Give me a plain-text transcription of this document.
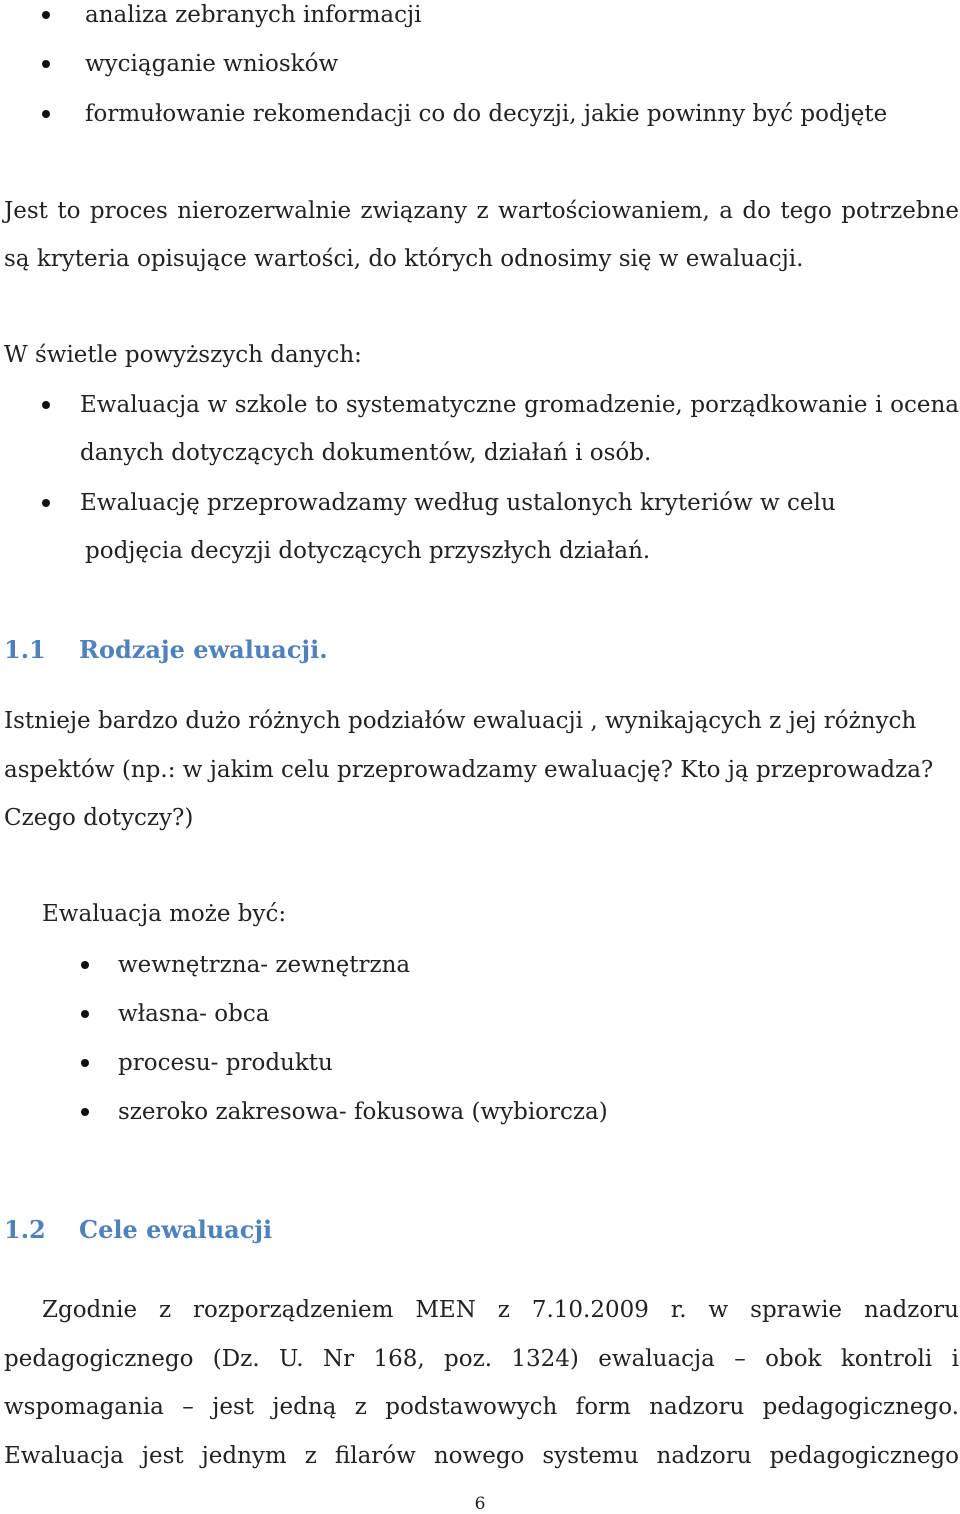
analiza zebranych informacji
wyciąganie wniosków
formułowanie rekomendacji co do decyzji, jakie powinny być podjęte
Jest to proces nierozerwalnie związany z wartościowaniem, a do tego potrzebne
są kryteria opisujące wartości, do których odnosimy się w ewaluacji.
W świetle powyższych danych:
Ewaluacja w szkole to systematyczne gromadzenie, porządkowanie i ocena
danych dotyczących dokumentów, działań i osób.
Ewaluację przeprowadzamy według ustalonych kryteriów w celu
podjęcia decyzji dotyczących przyszłych działań.
1.1 Rodzaje ewaluacji.
Istnieje bardzo dużo różnych podziałów ewaluacji , wynikających z jej różnych
aspektów (np.: w jakim celu przeprowadzamy ewaluację? Kto ją przeprowadza?
Czego dotyczy?)
Ewaluacja może być:
wewnętrzna- zewnętrzna
własna- obca
procesu- produktu
szeroko zakresowa- fokusowa (wybiorcza)
1.2 Cele ewaluacji
Zgodnie z rozporządzeniem MEN z 7.10.2009 r. w sprawie nadzoru
pedagogicznego (Dz. U. Nr 168, poz. 1324) ewaluacja – obok kontroli i
wspomagania – jest jedną z podstawowych form nadzoru pedagogicznego.
Ewaluacja jest jednym z filarów nowego systemu nadzoru pedagogicznego
6
